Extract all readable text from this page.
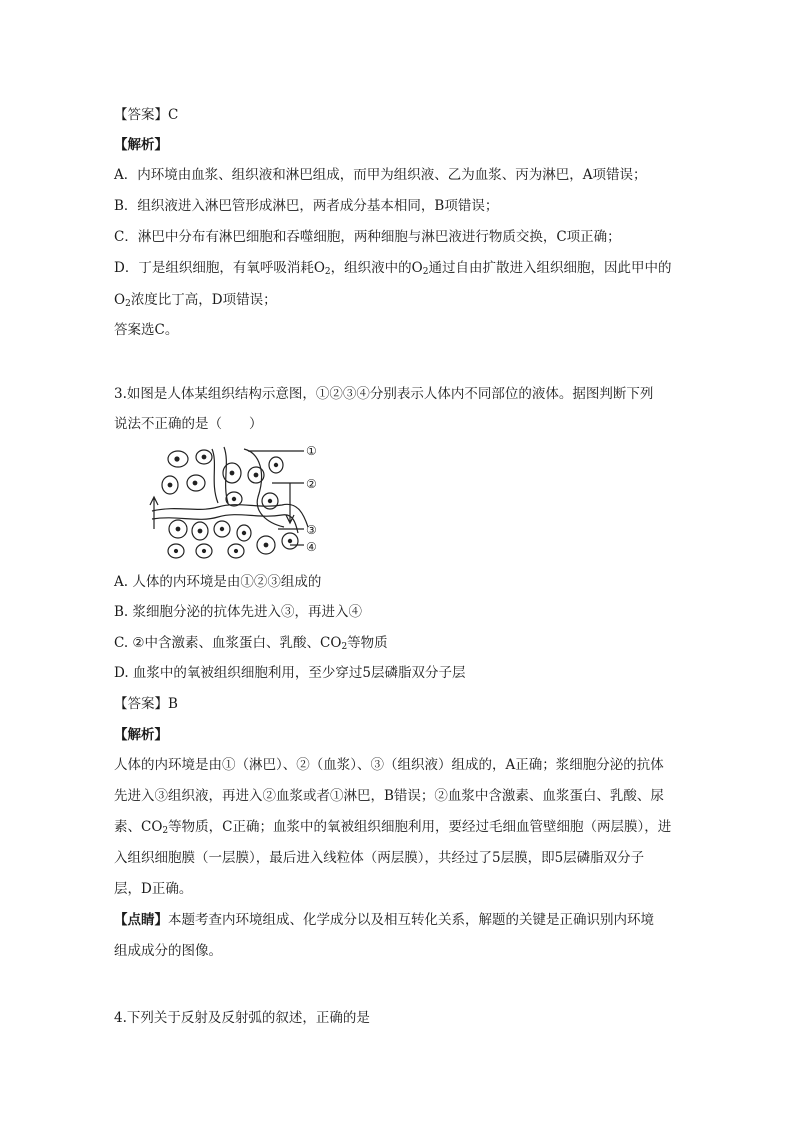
【答案】C
【解析】
A．内环境由血浆、组织液和淋巴组成，而甲为组织液、乙为血浆、丙为淋巴，A项错误；
B．组织液进入淋巴管形成淋巴，两者成分基本相同，B项错误；
C．淋巴中分布有淋巴细胞和吞噬细胞，两种细胞与淋巴液进行物质交换，C项正确；
D．丁是组织细胞，有氧呼吸消耗$O_2$，组织液中的$O_2$通过自由扩散进入组织细胞，因此甲中的
$O_2$浓度比丁高，D项错误；
答案选C。
3.如图是人体某组织结构示意图，①②③④分别表示人体内不同部位的液体。据图判断下列
说法不正确的是（　　）
①
②
③
④
A. 人体的内环境是由①②③组成的
B. 浆细胞分泌的抗体先进入③，再进入④
C. ②中含激素、血浆蛋白、乳酸、$CO_2$等物质
D. 血浆中的氧被组织细胞利用，至少穿过5层磷脂双分子层
【答案】B
【解析】
人体的内环境是由①（淋巴）、②（血浆）、③（组织液）组成的，A正确；浆细胞分泌的抗体
先进入③组织液，再进入②血浆或者①淋巴，B错误；②血浆中含激素、血浆蛋白、乳酸、尿
素、$CO_2$等物质，C正确；血浆中的氧被组织细胞利用，要经过毛细血管壁细胞（两层膜），进
入组织细胞膜（一层膜），最后进入线粒体（两层膜），共经过了5层膜，即5层磷脂双分子
层，D正确。
【点睛】本题考查内环境组成、化学成分以及相互转化关系，解题的关键是正确识别内环境
组成成分的图像。
4.下列关于反射及反射弧的叙述，正确的是
